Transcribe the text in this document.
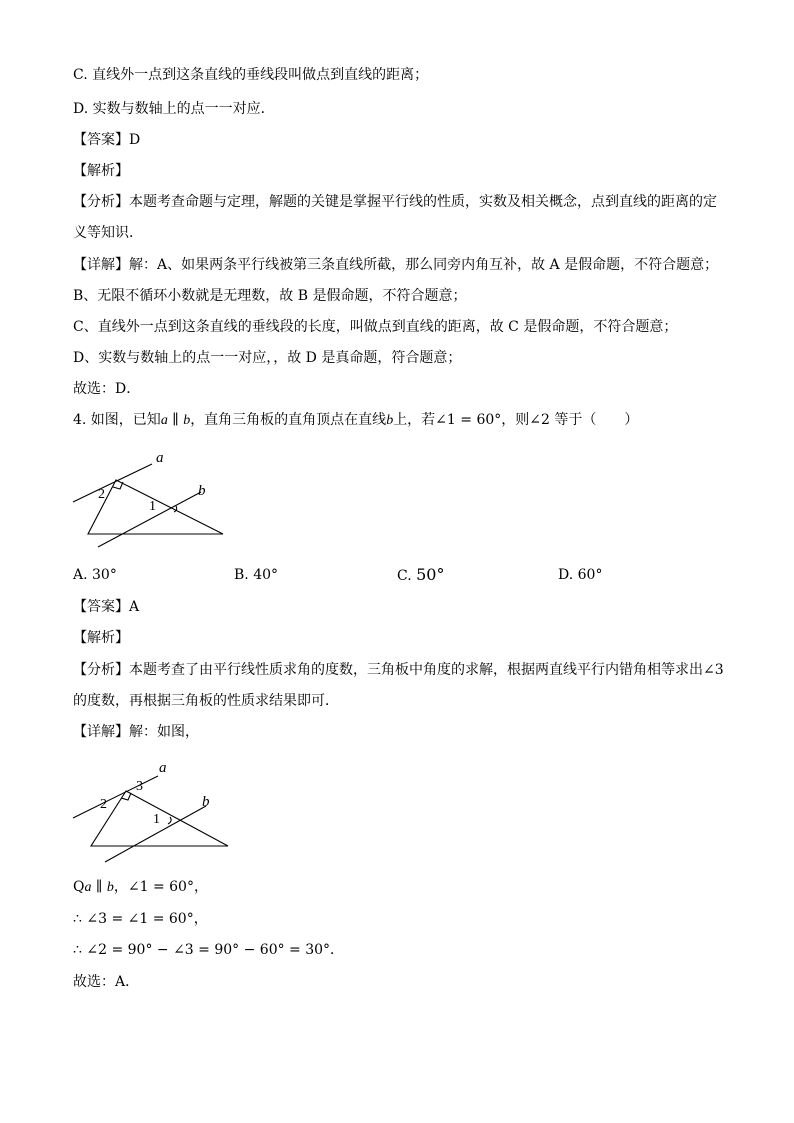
C. 直线外一点到这条直线的垂线段叫做点到直线的距离；
D. 实数与数轴上的点一一对应．
【答案】D
【解析】
【分析】本题考查命题与定理，解题的关键是掌握平行线的性质，实数及相关概念，点到直线的距离的定
义等知识．
【详解】解：A、如果两条平行线被第三条直线所截，那么同旁内角互补，故 A 是假命题，不符合题意；
B、无限不循环小数就是无理数，故 B 是假命题，不符合题意；
C、直线外一点到这条直线的垂线段的长度，叫做点到直线的距离，故 C 是假命题，不符合题意；
D、实数与数轴上的点一一对应，，故 D 是真命题，符合题意；
故选：D．
4. 如图，已知a ∥ b，直角三角板的直角顶点在直线b上，若∠1 = 60°，则∠2 等于（　　）
a
b
1
2
A. 30°	B. 40°	C. 50°	D. 60°
【答案】A
【解析】
【分析】本题考查了由平行线性质求角的度数，三角板中角度的求解，根据两直线平行内错角相等求出∠3
的度数，再根据三角板的性质求结果即可．
【详解】解：如图，
a
b
1
2
3
Qa ∥ b，∠1 = 60°，
∴ ∠3 = ∠1 = 60°，
∴ ∠2 = 90° − ∠3 = 90° − 60° = 30°．
故选：A．
